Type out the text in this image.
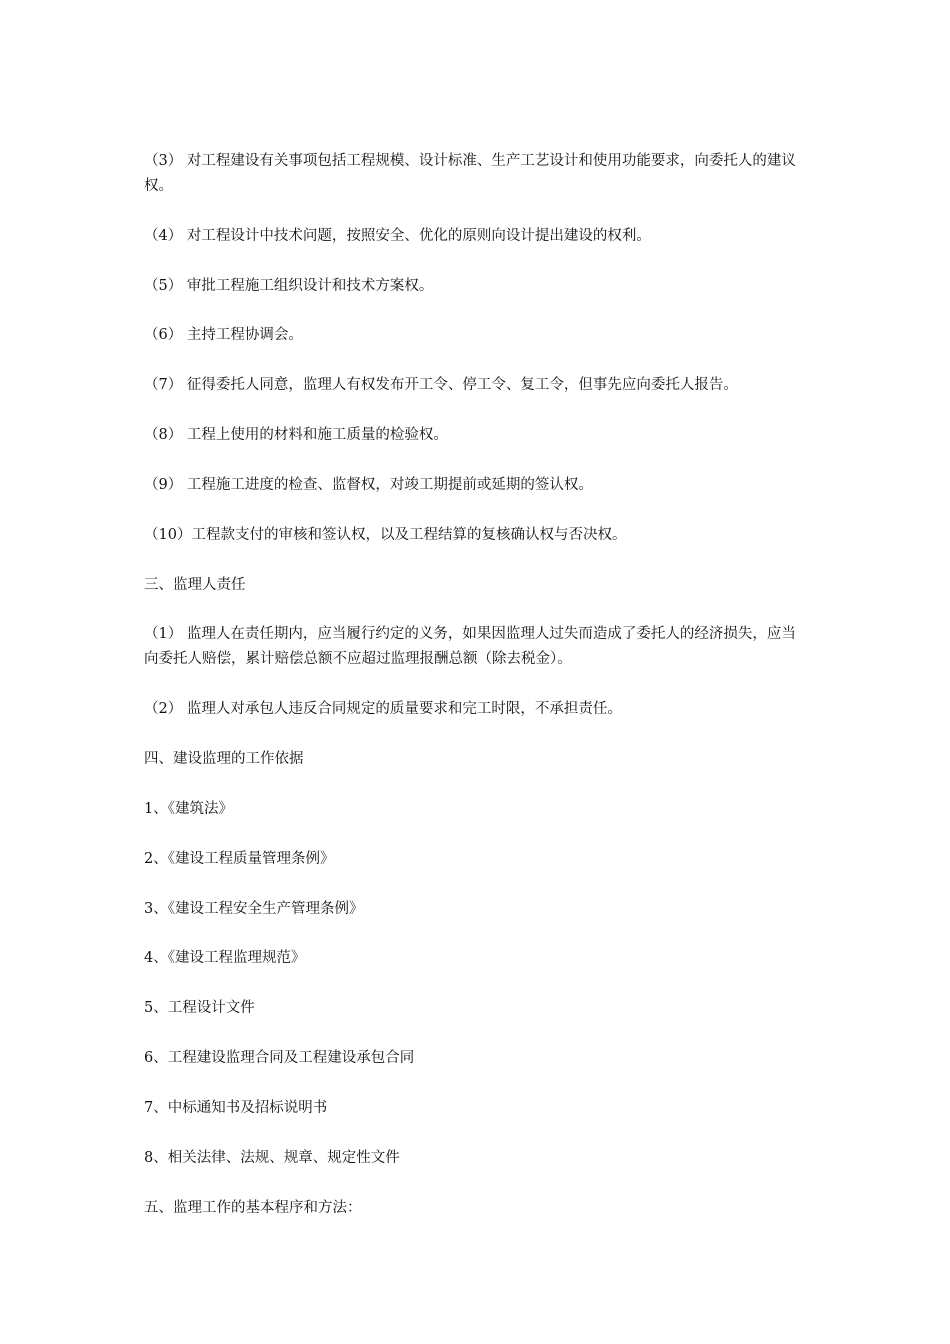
（3） 对工程建设有关事项包括工程规模、设计标准、生产工艺设计和使用功能要求，向委托人的建议权。

（4） 对工程设计中技术问题，按照安全、优化的原则向设计提出建设的权利。

（5） 审批工程施工组织设计和技术方案权。

（6） 主持工程协调会。

（7） 征得委托人同意，监理人有权发布开工令、停工令、复工令，但事先应向委托人报告。

（8） 工程上使用的材料和施工质量的检验权。

（9） 工程施工进度的检查、监督权，对竣工期提前或延期的签认权。

（10）工程款支付的审核和签认权，以及工程结算的复核确认权与否决权。

三、监理人责任

（1） 监理人在责任期内，应当履行约定的义务，如果因监理人过失而造成了委托人的经济损失，应当向委托人赔偿，累计赔偿总额不应超过监理报酬总额（除去税金）。

（2） 监理人对承包人违反合同规定的质量要求和完工时限，不承担责任。

四、建设监理的工作依据

1、《建筑法》

2、《建设工程质量管理条例》

3、《建设工程安全生产管理条例》

4、《建设工程监理规范》

5、工程设计文件

6、工程建设监理合同及工程建设承包合同

7、中标通知书及招标说明书

8、相关法律、法规、规章、规定性文件

五、监理工作的基本程序和方法：
